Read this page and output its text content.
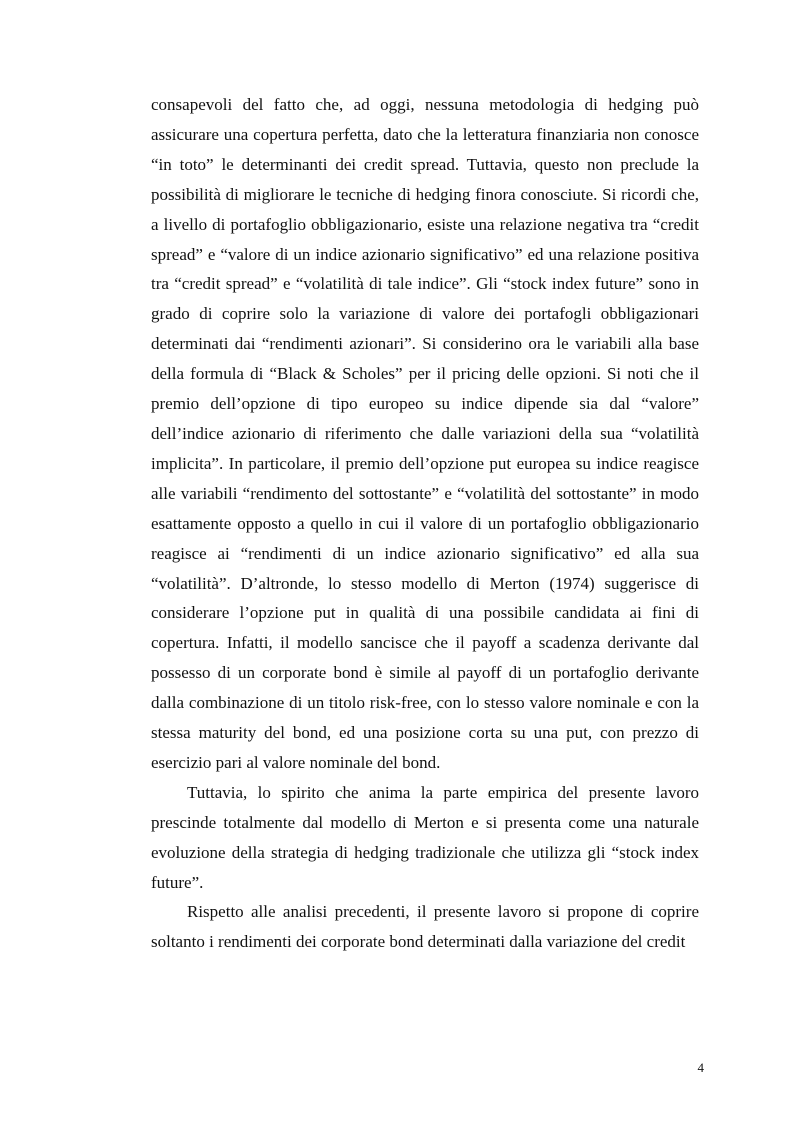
consapevoli del fatto che, ad oggi, nessuna metodologia di hedging può assicurare una copertura perfetta, dato che la letteratura finanziaria non conosce “in toto” le determinanti dei credit spread. Tuttavia, questo non preclude la possibilità di migliorare le tecniche di hedging finora conosciute. Si ricordi che, a livello di portafoglio obbligazionario, esiste una relazione negativa tra “credit spread” e “valore di un indice azionario significativo” ed una relazione positiva tra “credit spread” e “volatilità di tale indice”. Gli “stock index future” sono in grado di coprire solo la variazione di valore dei portafogli obbligazionari determinati dai “rendimenti azionari”. Si considerino ora le variabili alla base della formula di “Black & Scholes” per il pricing delle opzioni. Si noti che il premio dell’opzione di tipo europeo su indice dipende sia dal “valore” dell’indice azionario di riferimento che dalle variazioni della sua “volatilità implicita”. In particolare, il premio dell’opzione put europea su indice reagisce alle variabili “rendimento del sottostante” e “volatilità del sottostante” in modo esattamente opposto a quello in cui il valore di un portafoglio obbligazionario reagisce ai “rendimenti di un indice azionario significativo” ed alla sua “volatilità”. D’altronde, lo stesso modello di Merton (1974) suggerisce di considerare l’opzione put in qualità di una possibile candidata ai fini di copertura. Infatti, il modello sancisce che il payoff a scadenza derivante dal possesso di un corporate bond è simile al payoff di un portafoglio derivante dalla combinazione di un titolo risk-free, con lo stesso valore nominale e con la stessa maturity del bond, ed una posizione corta su una put, con prezzo di esercizio pari al valore nominale del bond.

Tuttavia, lo spirito che anima la parte empirica del presente lavoro prescinde totalmente dal modello di Merton e si presenta come una naturale evoluzione della strategia di hedging tradizionale che utilizza gli “stock index future”.

Rispetto alle analisi precedenti, il presente lavoro si propone di coprire soltanto i rendimenti dei corporate bond determinati dalla variazione del credit

4
